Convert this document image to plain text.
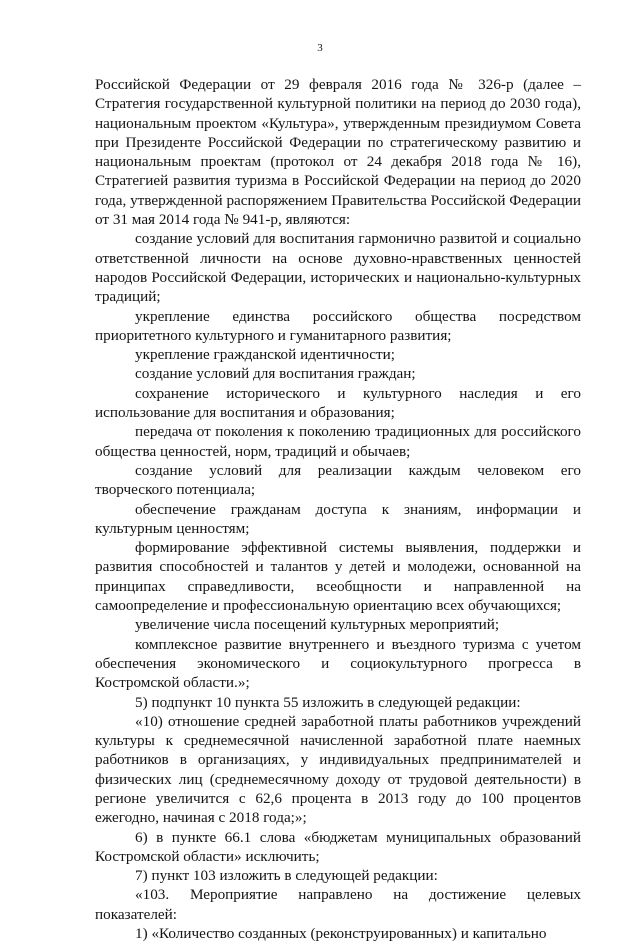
3

Российской Федерации от 29 февраля 2016 года № 326-р (далее – Стратегия государственной культурной политики на период до 2030 года), национальным проектом «Культура», утвержденным президиумом Совета при Президенте Российской Федерации по стратегическому развитию и национальным проектам (протокол от 24 декабря 2018 года № 16), Стратегией развития туризма в Российской Федерации на период до 2020 года, утвержденной распоряжением Правительства Российской Федерации от 31 мая 2014 года № 941-р, являются:

создание условий для воспитания гармонично развитой и социально ответственной личности на основе духовно-нравственных ценностей народов Российской Федерации, исторических и национально-культурных традиций;

укрепление единства российского общества посредством приоритетного культурного и гуманитарного развития;

укрепление гражданской идентичности;

создание условий для воспитания граждан;

сохранение исторического и культурного наследия и его использование для воспитания и образования;

передача от поколения к поколению традиционных для российского общества ценностей, норм, традиций и обычаев;

создание условий для реализации каждым человеком его творческого потенциала;

обеспечение гражданам доступа к знаниям, информации и культурным ценностям;

формирование эффективной системы выявления, поддержки и развития способностей и талантов у детей и молодежи, основанной на принципах справедливости, всеобщности и направленной на самоопределение и профессиональную ориентацию всех обучающихся;

увеличение числа посещений культурных мероприятий;

комплексное развитие внутреннего и въездного туризма с учетом обеспечения экономического и социокультурного прогресса в Костромской области.»;

5) подпункт 10 пункта 55 изложить в следующей редакции:

«10) отношение средней заработной платы работников учреждений культуры к среднемесячной начисленной заработной плате наемных работников в организациях, у индивидуальных предпринимателей и физических лиц (среднемесячному доходу от трудовой деятельности) в регионе увеличится с 62,6 процента в 2013 году до 100 процентов ежегодно, начиная с 2018 года;»;

6) в пункте 66.1 слова «бюджетам муниципальных образований Костромской области» исключить;

7) пункт 103 изложить в следующей редакции:

«103. Мероприятие направлено на достижение целевых показателей:

1) «Количество созданных (реконструированных) и капитально
